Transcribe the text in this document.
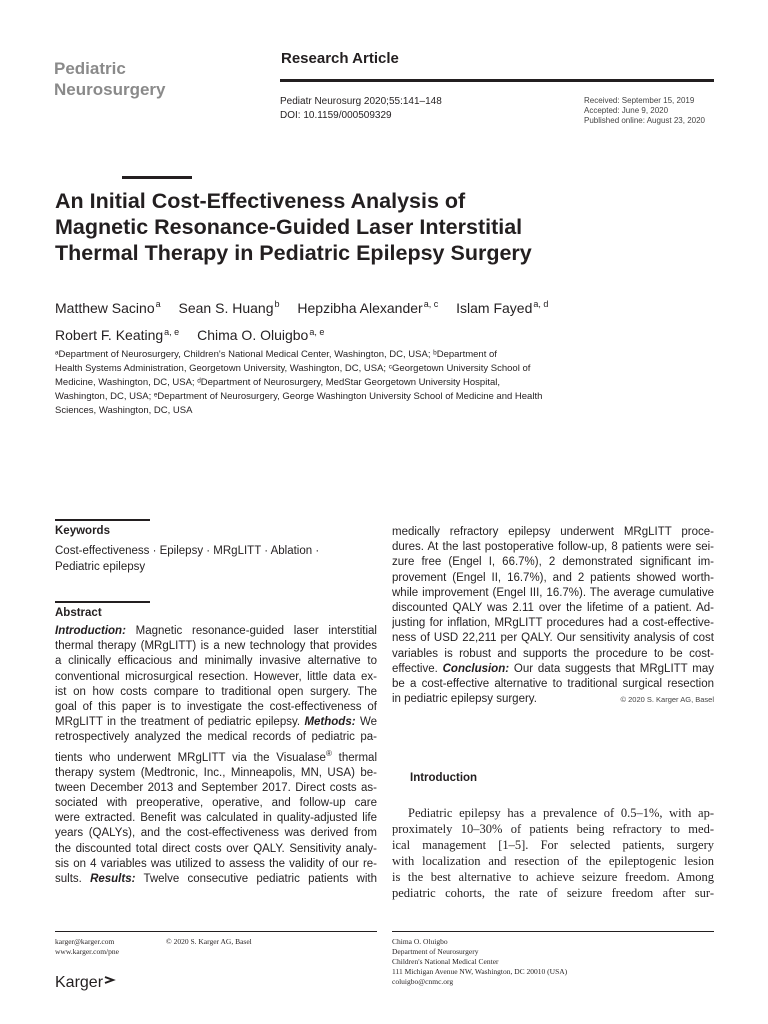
Pediatric
Neurosurgery
Research Article
Pediatr Neurosurg 2020;55:141–148
DOI: 10.1159/000509329
Received: September 15, 2019
Accepted: June 9, 2020
Published online: August 23, 2020
An Initial Cost-Effectiveness Analysis of
Magnetic Resonance-Guided Laser Interstitial
Thermal Therapy in Pediatric Epilepsy Surgery
Matthew Sacino$^a$ Sean S. Huang$^b$ Hepzibha Alexander$^{a, c}$ Islam Fayed$^{a, d}$
Robert F. Keating$^{a, e}$ Chima O. Oluigbo$^{a, e}$
ᵃDepartment of Neurosurgery, Children's National Medical Center, Washington, DC, USA; ᵇDepartment of
Health Systems Administration, Georgetown University, Washington, DC, USA; ᶜGeorgetown University School of
Medicine, Washington, DC, USA; ᵈDepartment of Neurosurgery, MedStar Georgetown University Hospital,
Washington, DC, USA; ᵉDepartment of Neurosurgery, George Washington University School of Medicine and Health
Sciences, Washington, DC, USA
Keywords
Cost-effectiveness · Epilepsy · MRgLITT · Ablation ·
Pediatric epilepsy
Abstract
Introduction: Magnetic resonance-guided laser interstitial
thermal therapy (MRgLITT) is a new technology that provides
a clinically efficacious and minimally invasive alternative to
conventional microsurgical resection. However, little data ex-
ist on how costs compare to traditional open surgery. The
goal of this paper is to investigate the cost-effectiveness of
MRgLITT in the treatment of pediatric epilepsy. Methods: We
retrospectively analyzed the medical records of pediatric pa-
tients who underwent MRgLITT via the Visualase® thermal
therapy system (Medtronic, Inc., Minneapolis, MN, USA) be-
tween December 2013 and September 2017. Direct costs as-
sociated with preoperative, operative, and follow-up care
were extracted. Benefit was calculated in quality-adjusted life
years (QALYs), and the cost-effectiveness was derived from
the discounted total direct costs over QALY. Sensitivity analy-
sis on 4 variables was utilized to assess the validity of our re-
sults. Results: Twelve consecutive pediatric patients with
medically refractory epilepsy underwent MRgLITT proce-
dures. At the last postoperative follow-up, 8 patients were sei-
zure free (Engel I, 66.7%), 2 demonstrated significant im-
provement (Engel II, 16.7%), and 2 patients showed worth-
while improvement (Engel III, 16.7%). The average cumulative
discounted QALY was 2.11 over the lifetime of a patient. Ad-
justing for inflation, MRgLITT procedures had a cost-effective-
ness of USD 22,211 per QALY. Our sensitivity analysis of cost
variables is robust and supports the procedure to be cost-
effective. Conclusion: Our data suggests that MRgLITT may
be a cost-effective alternative to traditional surgical resection
in pediatric epilepsy surgery.	© 2020 S. Karger AG, Basel
Introduction
Pediatric epilepsy has a prevalence of 0.5–1%, with ap-
proximately 10–30% of patients being refractory to med-
ical management [1–5]. For selected patients, surgery
with localization and resection of the epileptogenic lesion
is the best alternative to achieve seizure freedom. Among
pediatric cohorts, the rate of seizure freedom after sur-
karger@karger.com
www.karger.com/pne
© 2020 S. Karger AG, Basel
Karger
Chima O. Oluigbo
Department of Neurosurgery
Children's National Medical Center
111 Michigan Avenue NW, Washington, DC 20010 (USA)
coluigbo@cnmc.org
